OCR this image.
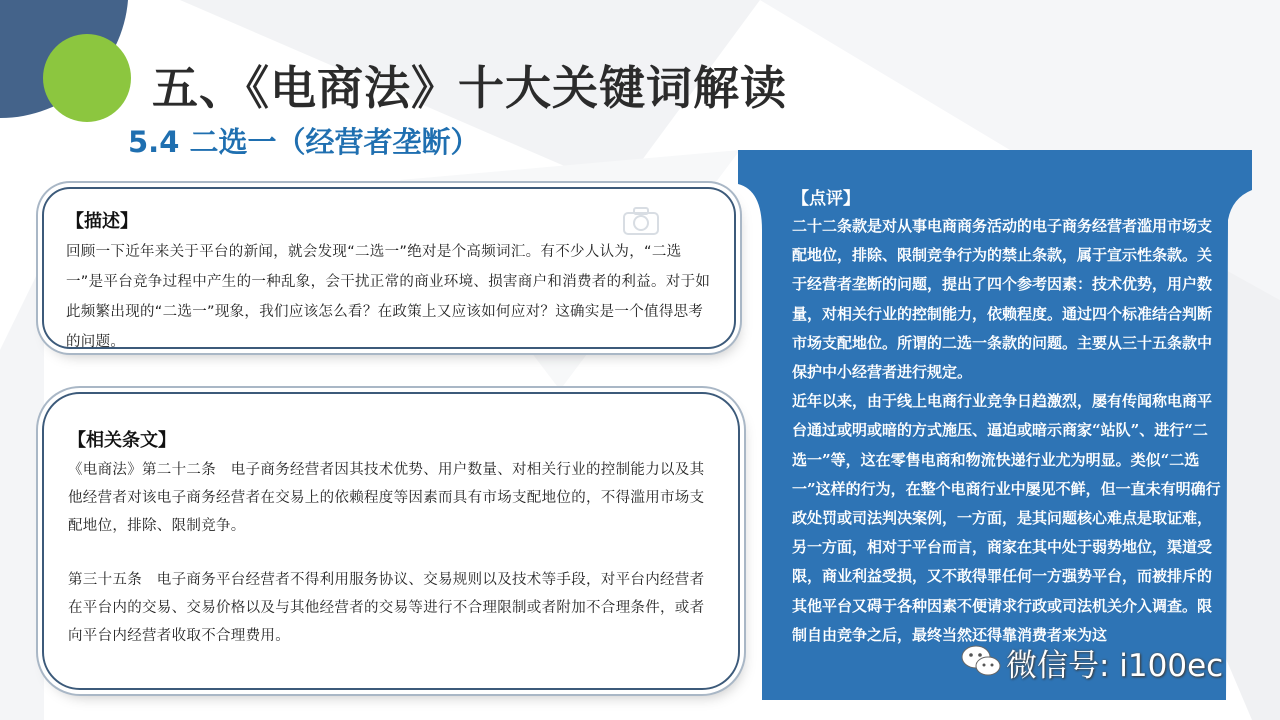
五、《电商法》十大关键词解读
5.4 二选一（经营者垄断）
【描述】

回顾一下近年来关于平台的新闻，就会发现“二选一”绝对是个高频词汇。有不少人认为，“二选一”是平台竞争过程中产生的一种乱象，会干扰正常的商业环境、损害商户和消费者的利益。对于如此频繁出现的“二选一”现象，我们应该怎么看？在政策上又应该如何应对？这确实是一个值得思考的问题。

【相关条文】

《电商法》第二十二条　电子商务经营者因其技术优势、用户数量、对相关行业的控制能力以及其他经营者对该电子商务经营者在交易上的依赖程度等因素而具有市场支配地位的，不得滥用市场支配地位，排除、限制竞争。

第三十五条　电子商务平台经营者不得利用服务协议、交易规则以及技术等手段，对平台内经营者在平台内的交易、交易价格以及与其他经营者的交易等进行不合理限制或者附加不合理条件，或者向平台内经营者收取不合理费用。

【点评】

二十二条款是对从事电商商务活动的电子商务经营者滥用市场支配地位，排除、限制竞争行为的禁止条款，属于宣示性条款。关于经营者垄断的问题，提出了四个参考因素：技术优势，用户数量，对相关行业的控制能力，依赖程度。通过四个标准结合判断市场支配地位。所谓的二选一条款的问题。主要从三十五条款中保护中小经营者进行规定。

近年以来，由于线上电商行业竞争日趋激烈，屡有传闻称电商平台通过或明或暗的方式施压、逼迫或暗示商家“站队”、进行“二选一”等，这在零售电商和物流快递行业尤为明显。类似“二选一”这样的行为，在整个电商行业中屡见不鲜，但一直未有明确行政处罚或司法判决案例，一方面，是其问题核心难点是取证难，另一方面，相对于平台而言，商家在其中处于弱势地位，渠道受限，商业利益受损，又不敢得罪任何一方强势平台，而被排斥的其他平台又碍于各种因素不便请求行政或司法机关介入调查。限制自由竞争之后，最终当然还得靠消费者来为这

微信号: i100ec
